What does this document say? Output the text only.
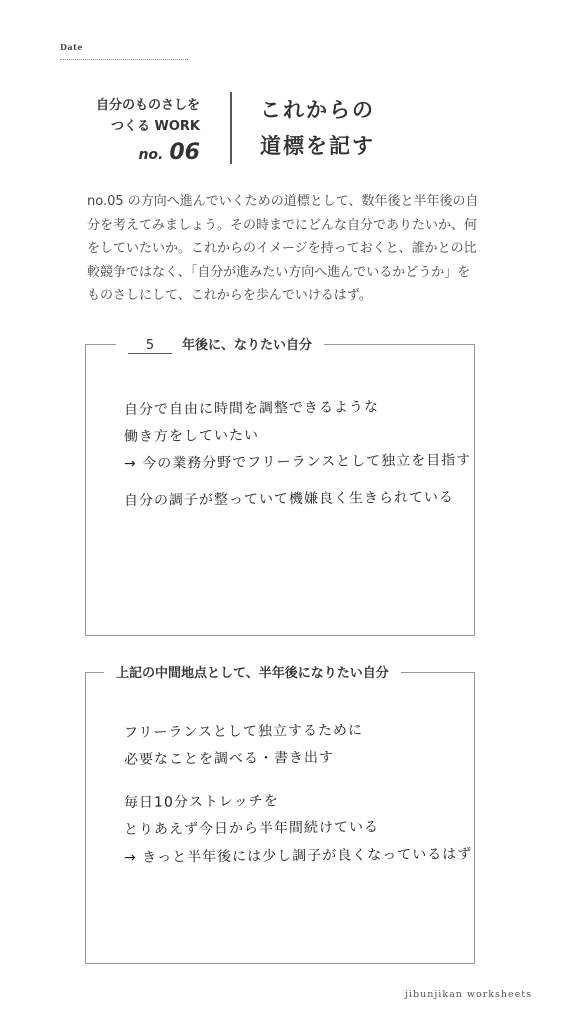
Date
自分のものさしを
つくる WORK
no. 06
これからの
道標を記す
no.05 の方向へ進んでいくための道標として、数年後と半年後の自
分を考えてみましょう。その時までにどんな自分でありたいか、何
をしていたいか。これからのイメージを持っておくと、誰かとの比
較競争ではなく、「自分が進みたい方向へ進んでいるかどうか」を
ものさしにして、これからを歩んでいけるはず。
5 年後に、なりたい自分
自分で自由に時間を調整できるような
働き方をしていたい
→ 今の業務分野でフリーランスとして独立を目指す
自分の調子が整っていて機嫌良く生きられている
上記の中間地点として、半年後になりたい自分
フリーランスとして独立するために
必要なことを調べる・書き出す
毎日10分ストレッチを
とりあえず今日から半年間続けている
→ きっと半年後には少し調子が良くなっているはず
jibunjikan worksheets
